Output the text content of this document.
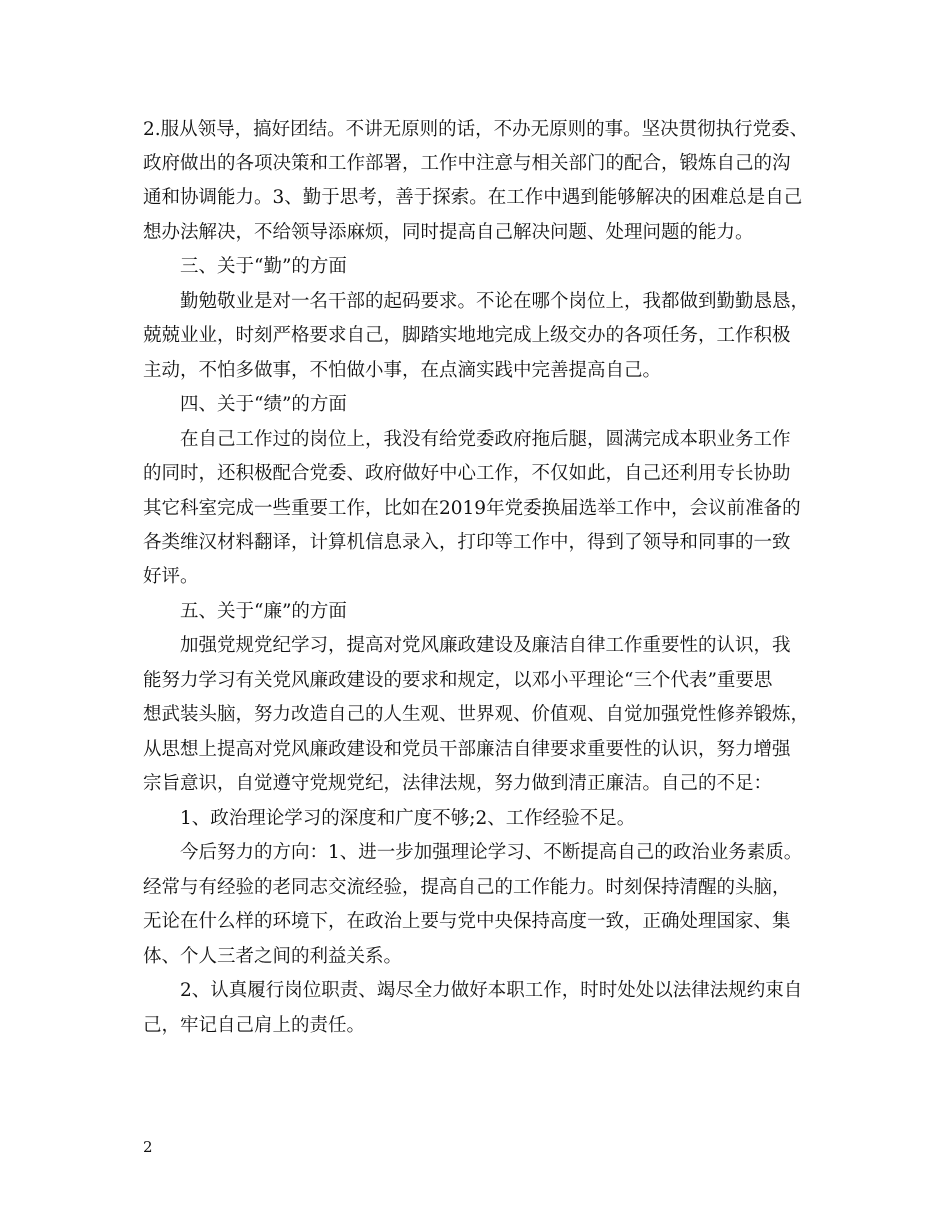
2.服从领导，搞好团结。不讲无原则的话，不办无原则的事。坚决贯彻执行党委、
政府做出的各项决策和工作部署，工作中注意与相关部门的配合，锻炼自己的沟
通和协调能力。3、勤于思考，善于探索。在工作中遇到能够解决的困难总是自己
想办法解决，不给领导添麻烦，同时提高自己解决问题、处理问题的能力。
　　三、关于“勤”的方面
　　勤勉敬业是对一名干部的起码要求。不论在哪个岗位上，我都做到勤勤恳恳，
兢兢业业，时刻严格要求自己，脚踏实地地完成上级交办的各项任务，工作积极
主动，不怕多做事，不怕做小事，在点滴实践中完善提高自己。
　　四、关于“绩”的方面
　　在自己工作过的岗位上，我没有给党委政府拖后腿，圆满完成本职业务工作
的同时，还积极配合党委、政府做好中心工作，不仅如此，自己还利用专长协助
其它科室完成一些重要工作，比如在2019年党委换届选举工作中，会议前准备的
各类维汉材料翻译，计算机信息录入，打印等工作中，得到了领导和同事的一致
好评。
　　五、关于“廉”的方面
　　加强党规党纪学习，提高对党风廉政建设及廉洁自律工作重要性的认识，我
能努力学习有关党风廉政建设的要求和规定，以邓小平理论“三个代表”重要思
想武装头脑，努力改造自己的人生观、世界观、价值观、自觉加强党性修养锻炼，
从思想上提高对党风廉政建设和党员干部廉洁自律要求重要性的认识，努力增强
宗旨意识，自觉遵守党规党纪，法律法规，努力做到清正廉洁。自己的不足：
　　1、政治理论学习的深度和广度不够;2、工作经验不足。
　　今后努力的方向：1、进一步加强理论学习、不断提高自己的政治业务素质。
经常与有经验的老同志交流经验，提高自己的工作能力。时刻保持清醒的头脑，
无论在什么样的环境下，在政治上要与党中央保持高度一致，正确处理国家、集
体、个人三者之间的利益关系。
　　2、认真履行岗位职责、竭尽全力做好本职工作，时时处处以法律法规约束自
己，牢记自己肩上的责任。
2
